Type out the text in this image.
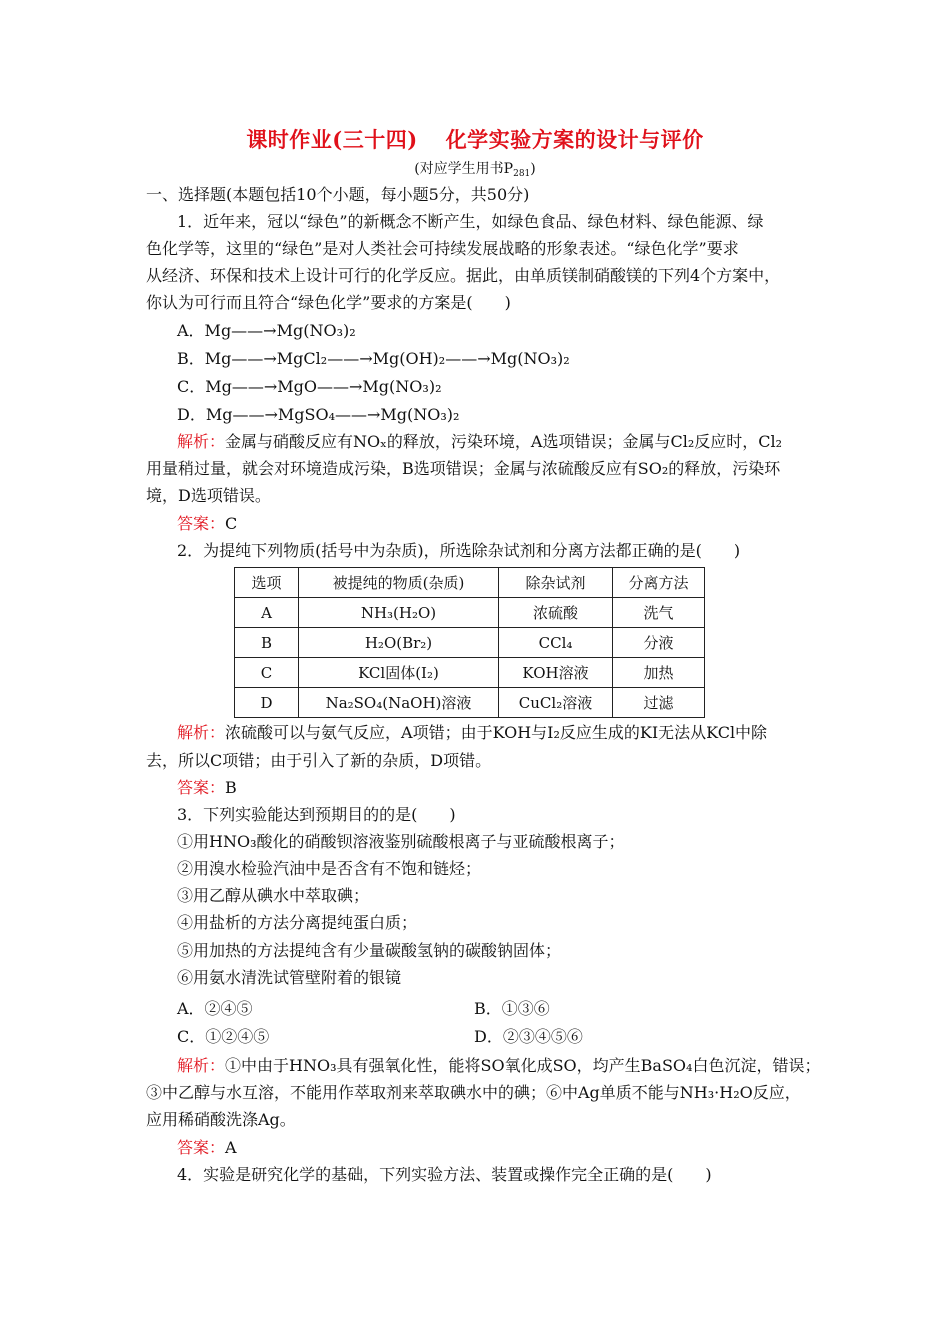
课时作业(三十四) 化学实验方案的设计与评价
(对应学生用书$P_{281}$)
一、选择题(本题包括10个小题，每小题5分，共50分)
1．近年来，冠以“绿色”的新概念不断产生，如绿色食品、绿色材料、绿色能源、绿
色化学等，这里的“绿色”是对人类社会可持续发展战略的形象表述。“绿色化学”要求
从经济、环保和技术上设计可行的化学反应。据此，由单质镁制硝酸镁的下列4个方案中，
你认为可行而且符合“绿色化学”要求的方案是(　　)
A．Mg——→Mg(NO₃)₂
B．Mg——→MgCl₂——→Mg(OH)₂——→Mg(NO₃)₂
C．Mg——→MgO——→Mg(NO₃)₂
D．Mg——→MgSO₄——→Mg(NO₃)₂
解析：金属与硝酸反应有NOₓ的释放，污染环境，A选项错误；金属与Cl₂反应时，Cl₂
用量稍过量，就会对环境造成污染，B选项错误；金属与浓硫酸反应有SO₂的释放，污染环
境，D选项错误。
答案：C
2．为提纯下列物质(括号中为杂质)，所选除杂试剂和分离方法都正确的是(　　)
选项	被提纯的物质(杂质)	除杂试剂	分离方法
A	NH₃(H₂O)	浓硫酸	洗气
B	H₂O(Br₂)	CCl₄	分液
C	KCl固体(I₂)	KOH溶液	加热
D	Na₂SO₄(NaOH)溶液	CuCl₂溶液	过滤
解析：浓硫酸可以与氨气反应，A项错；由于KOH与I₂反应生成的KI无法从KCl中除
去，所以C项错；由于引入了新的杂质，D项错。
答案：B
3．下列实验能达到预期目的的是(　　)
①用HNO₃酸化的硝酸钡溶液鉴别硫酸根离子与亚硫酸根离子；
②用溴水检验汽油中是否含有不饱和链烃；
③用乙醇从碘水中萃取碘；
④用盐析的方法分离提纯蛋白质；
⑤用加热的方法提纯含有少量碳酸氢钠的碳酸钠固体；
⑥用氨水清洗试管壁附着的银镜
A．②④⑤	B．①③⑥
C．①②④⑤	D．②③④⑤⑥
解析：①中由于HNO₃具有强氧化性，能将SO氧化成SO，均产生BaSO₄白色沉淀，错误；
③中乙醇与水互溶，不能用作萃取剂来萃取碘水中的碘；⑥中Ag单质不能与NH₃·H₂O反应，
应用稀硝酸洗涤Ag。
答案：A
4．实验是研究化学的基础，下列实验方法、装置或操作完全正确的是(　　)
